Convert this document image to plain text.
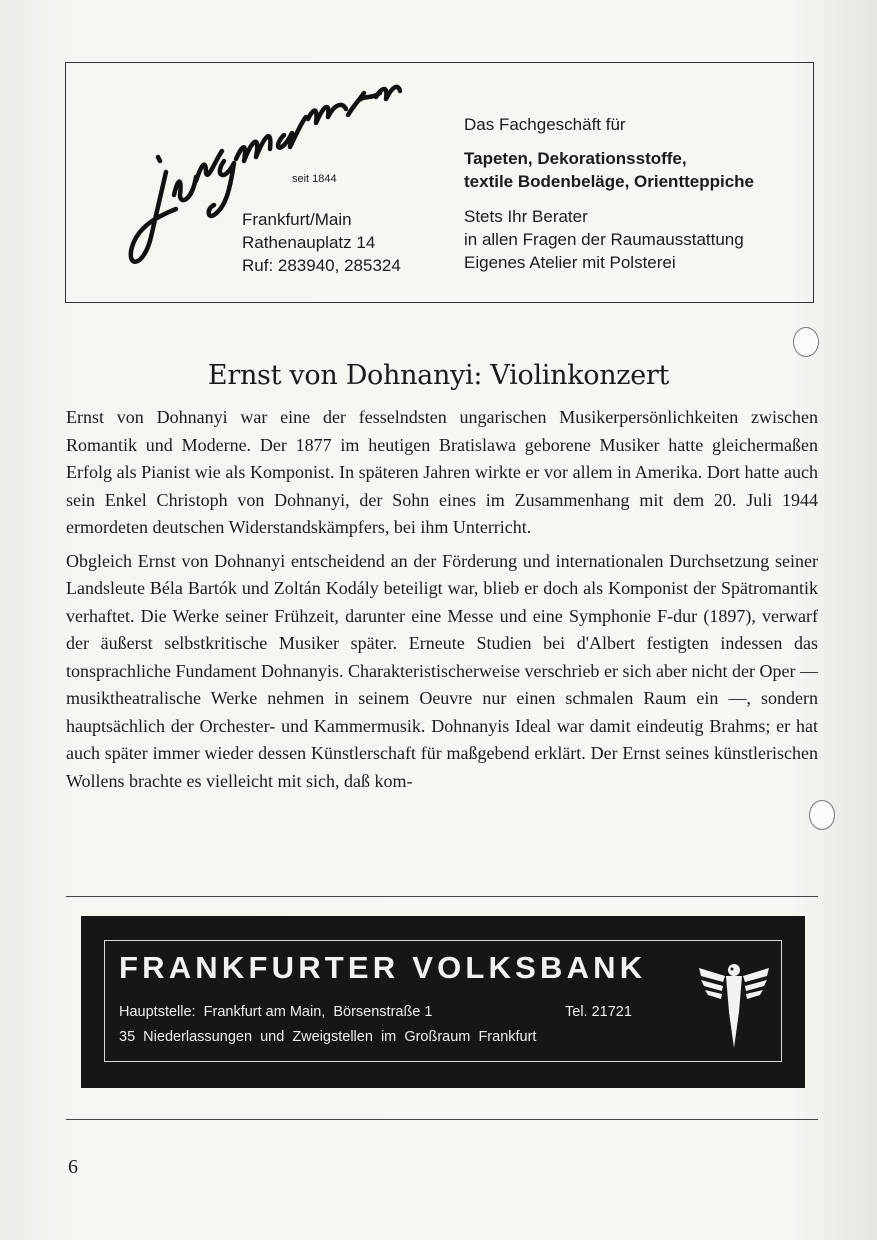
seit 1844
Frankfurt/Main
Rathenauplatz 14
Ruf: 283940, 285324
Das Fachgeschäft für
Tapeten, Dekorationsstoffe,
textile Bodenbeläge, Orientteppiche
Stets Ihr Berater
in allen Fragen der Raumausstattung
Eigenes Atelier mit Polsterei
Ernst von Dohnanyi: Violinkonzert

Ernst von Dohnanyi war eine der fesselndsten ungarischen Musikerpersönlichkeiten zwischen Romantik und Moderne. Der 1877 im heutigen Bratislawa geborene Musiker hatte gleichermaßen Erfolg als Pianist wie als Komponist. In späteren Jahren wirkte er vor allem in Amerika. Dort hatte auch sein Enkel Christoph von Dohnanyi, der Sohn eines im Zusammenhang mit dem 20. Juli 1944 ermordeten deutschen Widerstandskämpfers, bei ihm Unterricht.

Obgleich Ernst von Dohnanyi entscheidend an der Förderung und internationalen Durchsetzung seiner Landsleute Béla Bartók und Zoltán Kodály beteiligt war, blieb er doch als Komponist der Spätromantik verhaftet. Die Werke seiner Frühzeit, darunter eine Messe und eine Symphonie F-dur (1897), verwarf der äußerst selbstkritische Musiker später. Erneute Studien bei d'Albert festigten indessen das tonsprachliche Fundament Dohnanyis. Charakteristischerweise verschrieb er sich aber nicht der Oper — musiktheatralische Werke nehmen in seinem Oeuvre nur einen schmalen Raum ein —, sondern hauptsächlich der Orchester- und Kammermusik. Dohnanyis Ideal war damit eindeutig Brahms; er hat auch später immer wieder dessen Künstlerschaft für maßgebend erklärt. Der Ernst seines künstlerischen Wollens brachte es vielleicht mit sich, daß kom-

FRANKFURTER VOLKSBANK
Hauptstelle:  Frankfurt am Main,  Börsenstraße 1	Tel. 21721
35  Niederlassungen  und  Zweigstellen  im  Großraum  Frankfurt
6
